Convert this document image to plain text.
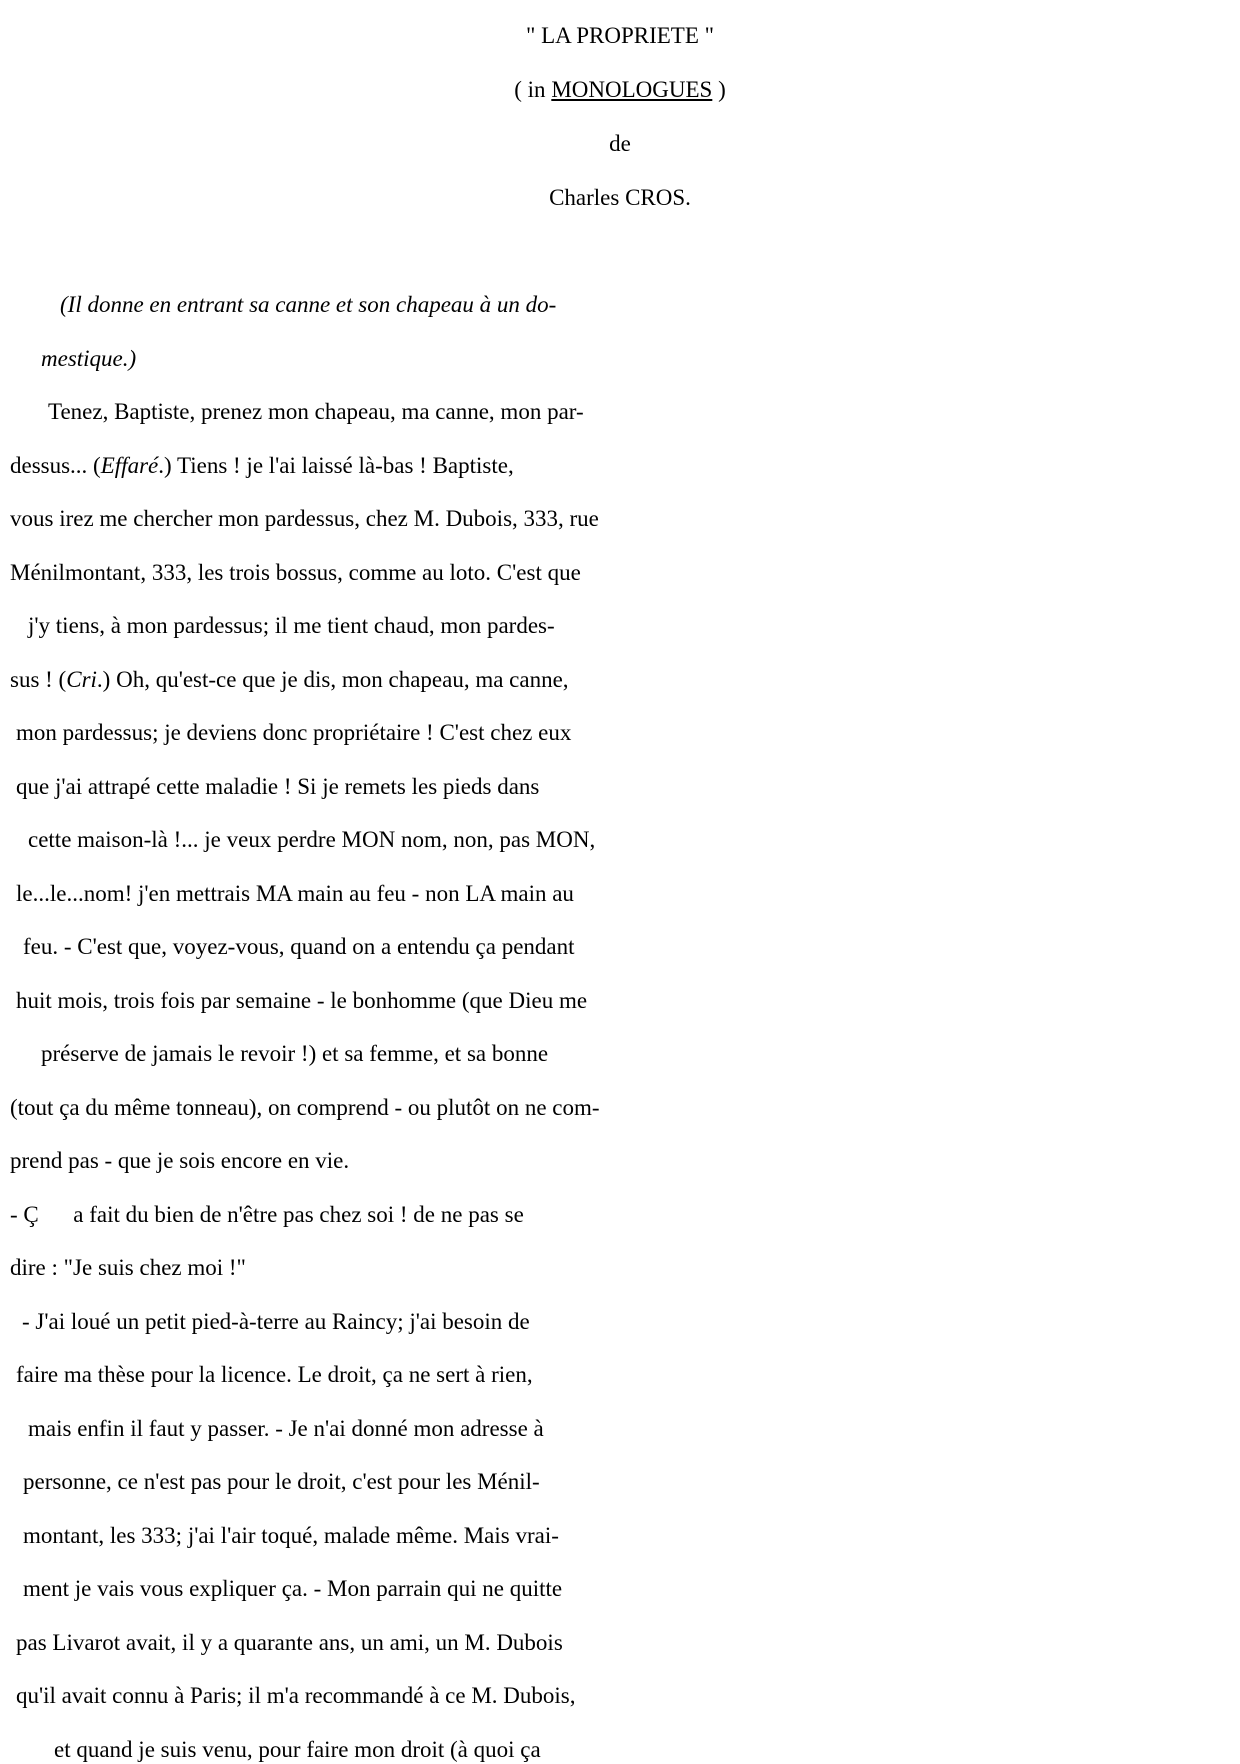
" LA PROPRIETE "
( in MONOLOGUES )
de
Charles CROS.
(Il donne en entrant sa canne et son chapeau à un do-
mestique.)
Tenez, Baptiste, prenez mon chapeau, ma canne, mon par-
dessus... (Effaré.) Tiens ! je l'ai laissé là-bas ! Baptiste,
vous irez me chercher mon pardessus, chez M. Dubois, 333, rue
Ménilmontant, 333, les trois bossus, comme au loto. C'est que
j'y tiens, à mon pardessus; il me tient chaud, mon pardes-
sus ! (Cri.) Oh, qu'est-ce que je dis, mon chapeau, ma canne,
mon pardessus; je deviens donc propriétaire ! C'est chez eux
que j'ai attrapé cette maladie ! Si je remets les pieds dans
cette maison-là !... je veux perdre MON nom, non, pas MON,
le...le...nom! j'en mettrais MA main au feu - non LA main au
feu. - C'est que, voyez-vous, quand on a entendu ça pendant
huit mois, trois fois par semaine - le bonhomme (que Dieu me
préserve de jamais le revoir !) et sa femme, et sa bonne
(tout ça du même tonneau), on comprend - ou plutôt on ne com-
prend pas - que je sois encore en vie.
- Ç      a fait du bien de n'être pas chez soi ! de ne pas se
dire : "Je suis chez moi !"
- J'ai loué un petit pied-à-terre au Raincy; j'ai besoin de
faire ma thèse pour la licence. Le droit, ça ne sert à rien,
mais enfin il faut y passer. - Je n'ai donné mon adresse à
personne, ce n'est pas pour le droit, c'est pour les Ménil-
montant, les 333; j'ai l'air toqué, malade même. Mais vrai-
ment je vais vous expliquer ça. - Mon parrain qui ne quitte
pas Livarot avait, il y a quarante ans, un ami, un M. Dubois
qu'il avait connu à Paris; il m'a recommandé à ce M. Dubois,
et quand je suis venu, pour faire mon droit (à quoi ça
